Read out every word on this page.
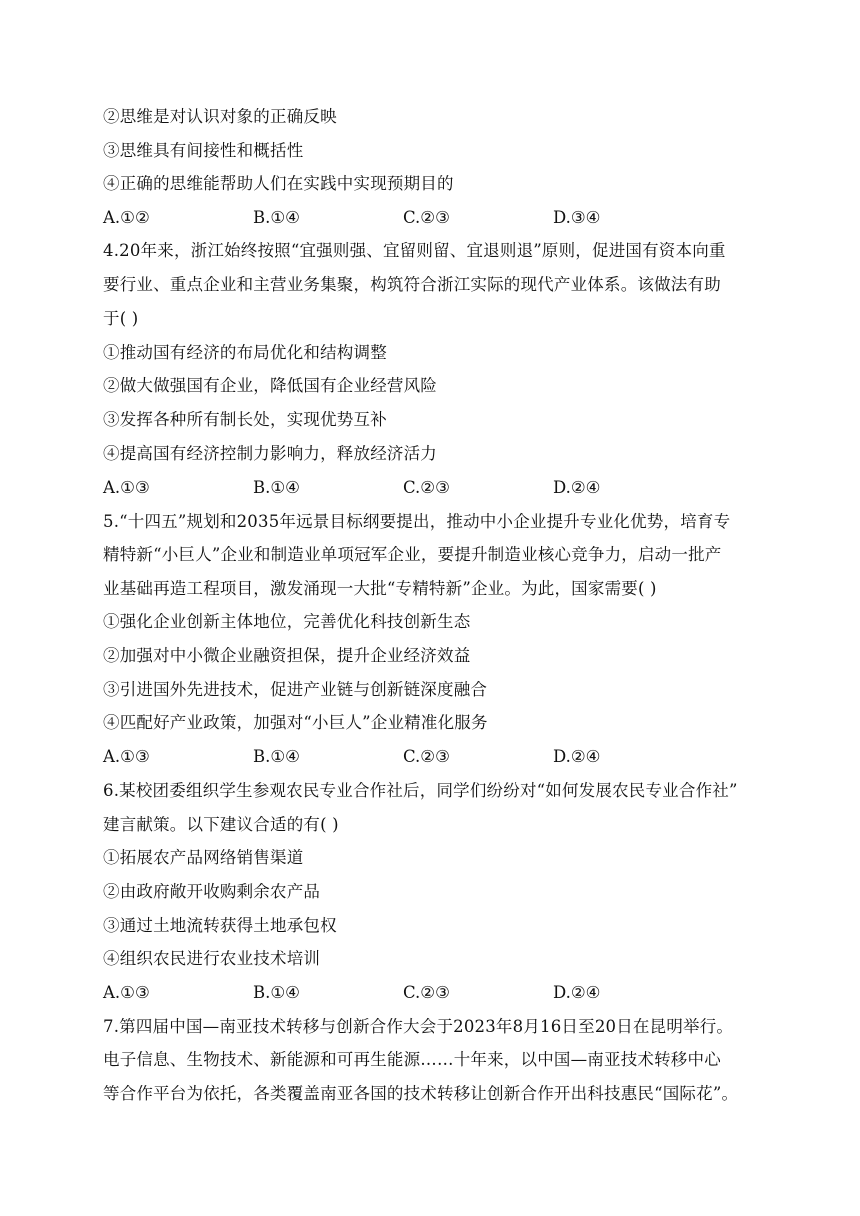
②思维是对认识对象的正确反映
③思维具有间接性和概括性
④正确的思维能帮助人们在实践中实现预期目的
A.①②	B.①④	C.②③	D.③④
4.20年来，浙江始终按照“宜强则强、宜留则留、宜退则退”原则，促进国有资本向重
要行业、重点企业和主营业务集聚，构筑符合浙江实际的现代产业体系。该做法有助
于( )
①推动国有经济的布局优化和结构调整
②做大做强国有企业，降低国有企业经营风险
③发挥各种所有制长处，实现优势互补
④提高国有经济控制力影响力，释放经济活力
A.①③	B.①④	C.②③	D.②④
5.“十四五”规划和2035年远景目标纲要提出，推动中小企业提升专业化优势，培育专
精特新“小巨人”企业和制造业单项冠军企业，要提升制造业核心竞争力，启动一批产
业基础再造工程项目，激发涌现一大批“专精特新”企业。为此，国家需要( )
①强化企业创新主体地位，完善优化科技创新生态
②加强对中小微企业融资担保，提升企业经济效益
③引进国外先进技术，促进产业链与创新链深度融合
④匹配好产业政策，加强对“小巨人”企业精准化服务
A.①③	B.①④	C.②③	D.②④
6.某校团委组织学生参观农民专业合作社后，同学们纷纷对“如何发展农民专业合作社”
建言献策。以下建议合适的有( )
①拓展农产品网络销售渠道
②由政府敞开收购剩余农产品
③通过土地流转获得土地承包权
④组织农民进行农业技术培训
A.①③	B.①④	C.②③	D.②④
7.第四届中国—南亚技术转移与创新合作大会于2023年8月16日至20日在昆明举行。
电子信息、生物技术、新能源和可再生能源……十年来，以中国—南亚技术转移中心
等合作平台为依托，各类覆盖南亚各国的技术转移让创新合作开出科技惠民“国际花”。
